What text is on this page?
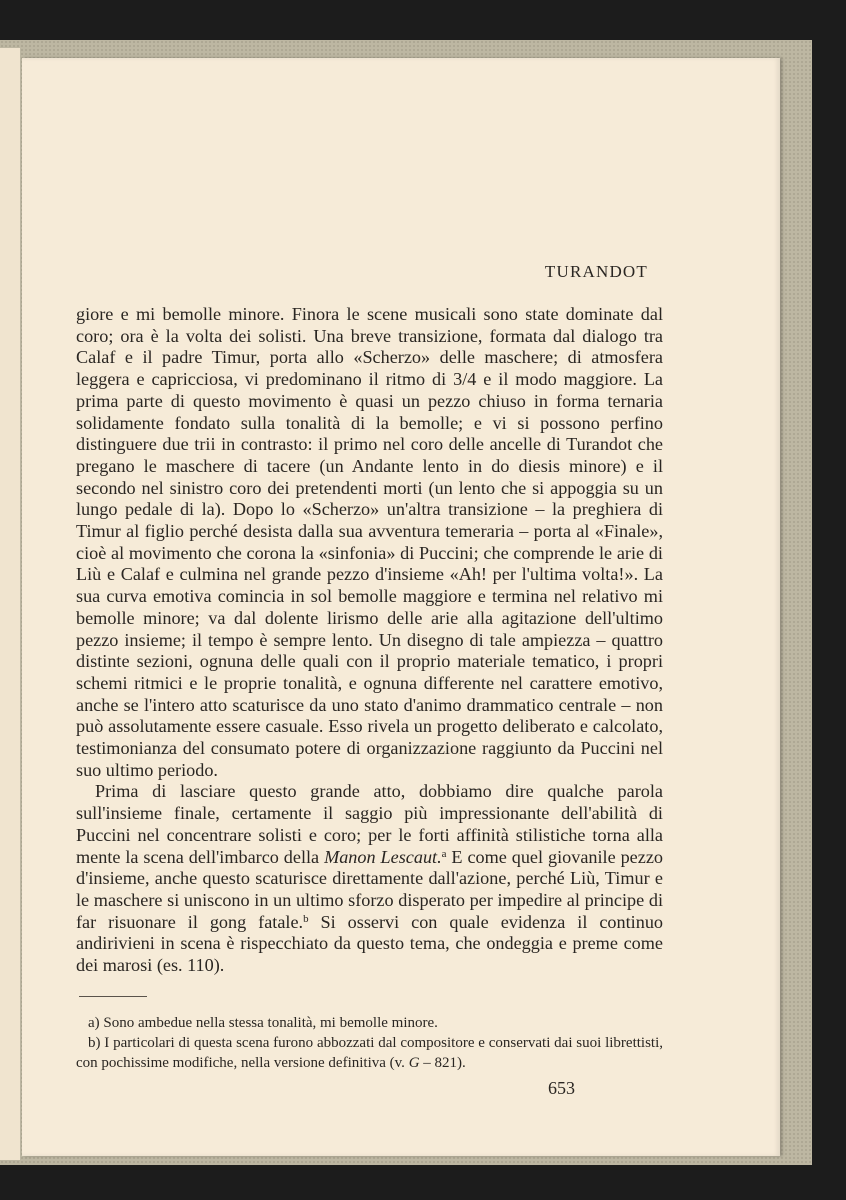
TURANDOT

giore e mi bemolle minore. Finora le scene musicali sono state dominate dal coro; ora è la volta dei solisti. Una breve transizione, formata dal dialogo tra Calaf e il padre Timur, porta allo «Scherzo» delle maschere; di atmosfera leggera e capricciosa, vi predominano il ritmo di 3/4 e il modo maggiore. La prima parte di questo movimento è quasi un pezzo chiuso in forma ternaria solidamente fondato sulla tonalità di la bemolle; e vi si possono perfino distinguere due trii in contrasto: il primo nel coro delle ancelle di Turandot che pregano le maschere di tacere (un Andante lento in do diesis minore) e il secondo nel sinistro coro dei pretendenti morti (un lento che si appoggia su un lungo pedale di la). Dopo lo «Scherzo» un'altra transizione – la preghiera di Timur al figlio perché desista dalla sua avventura temeraria – porta al «Finale», cioè al movimento che corona la «sinfonia» di Puccini; che comprende le arie di Liù e Calaf e culmina nel grande pezzo d'insieme «Ah! per l'ultima volta!». La sua curva emotiva comincia in sol bemolle maggiore e termina nel relativo mi bemolle minore; va dal dolente lirismo delle arie alla agitazione dell'ultimo pezzo insieme; il tempo è sempre lento. Un disegno di tale ampiezza – quattro distinte sezioni, ognuna delle quali con il proprio materiale tematico, i propri schemi ritmici e le proprie tonalità, e ognuna differente nel carattere emotivo, anche se l'intero atto scaturisce da uno stato d'animo drammatico centrale – non può assolutamente essere casuale. Esso rivela un progetto deliberato e calcolato, testimonianza del consumato potere di organizzazione raggiunto da Puccini nel suo ultimo periodo.

Prima di lasciare questo grande atto, dobbiamo dire qualche parola sull'insieme finale, certamente il saggio più impressionante dell'abilità di Puccini nel concentrare solisti e coro; per le forti affinità stilistiche torna alla mente la scena dell'imbarco della Manon Lescaut.$^a$ E come quel giovanile pezzo d'insieme, anche questo scaturisce direttamente dall'azione, perché Liù, Timur e le maschere si uniscono in un ultimo sforzo disperato per impedire al principe di far risuonare il gong fatale.$^b$ Si osservi con quale evidenza il continuo andirivieni in scena è rispecchiato da questo tema, che ondeggia e preme come dei marosi (es. 110).

a) Sono ambedue nella stessa tonalità, mi bemolle minore.

b) I particolari di questa scena furono abbozzati dal compositore e conservati dai suoi librettisti, con pochissime modifiche, nella versione definitiva (v. G – 821).

653
